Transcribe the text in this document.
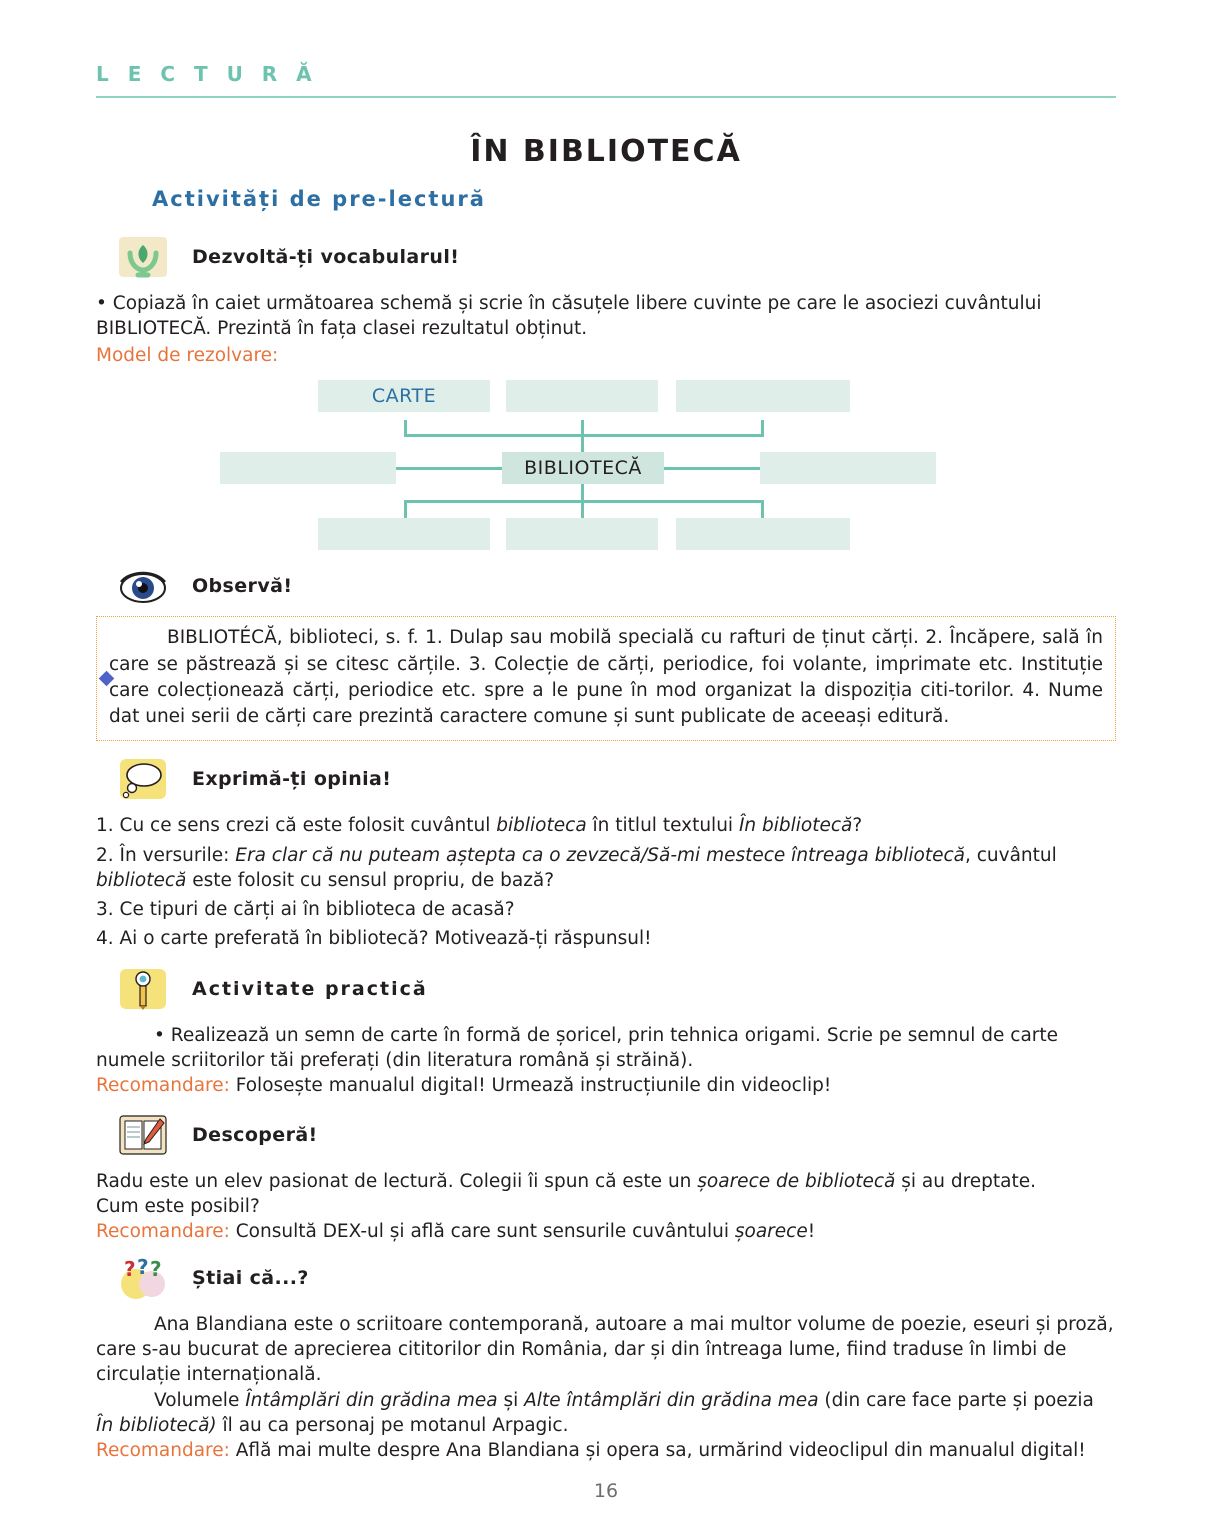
L E C T U R Ă
ÎN BIBLIOTECĂ
Activități de pre-lectură
Dezvoltă-ți vocabularul!

• Copiază în caiet următoarea schemă și scrie în căsuțele libere cuvinte pe care le asociezi cuvântului BIBLIOTECĂ. Prezintă în fața clasei rezultatul obținut.

Model de rezolvare:
CARTE
BIBLIOTECĂ
Observă!

BIBLIOTÉCĂ, biblioteci, s. f. 1. Dulap sau mobilă specială cu rafturi de ținut cărți. 2. Încăpere, sală în care se păstrează și se citesc cărțile. 3. Colecție de cărți, periodice, foi volante, imprimate etc. Instituție care colecționează cărți, periodice etc. spre a le pune în mod organizat la dispoziția citi-torilor. 4. Nume dat unei serii de cărți care prezintă caractere comune și sunt publicate de aceeași editură.

Exprimă-ți opinia!

1. Cu ce sens crezi că este folosit cuvântul biblioteca în titlul textului În bibliotecă?

2. În versurile: Era clar că nu puteam aștepta ca o zevzecă/Să-mi mestece întreaga bibliotecă, cuvântul bibliotecă este folosit cu sensul propriu, de bază?

3. Ce tipuri de cărți ai în biblioteca de acasă?

4. Ai o carte preferată în bibliotecă? Motivează-ți răspunsul!

Activitate practică

• Realizează un semn de carte în formă de șoricel, prin tehnica origami. Scrie pe semnul de carte numele scriitorilor tăi preferați (din literatura română și străină).

Recomandare: Folosește manualul digital! Urmează instrucțiunile din videoclip!

Descoperă!

Radu este un elev pasionat de lectură. Colegii îi spun că este un șoarece de bibliotecă și au dreptate.

Cum este posibil?

Recomandare: Consultă DEX-ul și află care sunt sensurile cuvântului șoarece!

? ? ? Știai că...?

Ana Blandiana este o scriitoare contemporană, autoare a mai multor volume de poezie, eseuri și proză, care s-au bucurat de aprecierea cititorilor din România, dar și din întreaga lume, fiind traduse în limbi de circulație internațională.

Volumele Întâmplări din grădina mea și Alte întâmplări din grădina mea (din care face parte și poezia În bibliotecă) îl au ca personaj pe motanul Arpagic.

Recomandare: Află mai multe despre Ana Blandiana și opera sa, urmărind videoclipul din manualul digital!

16
